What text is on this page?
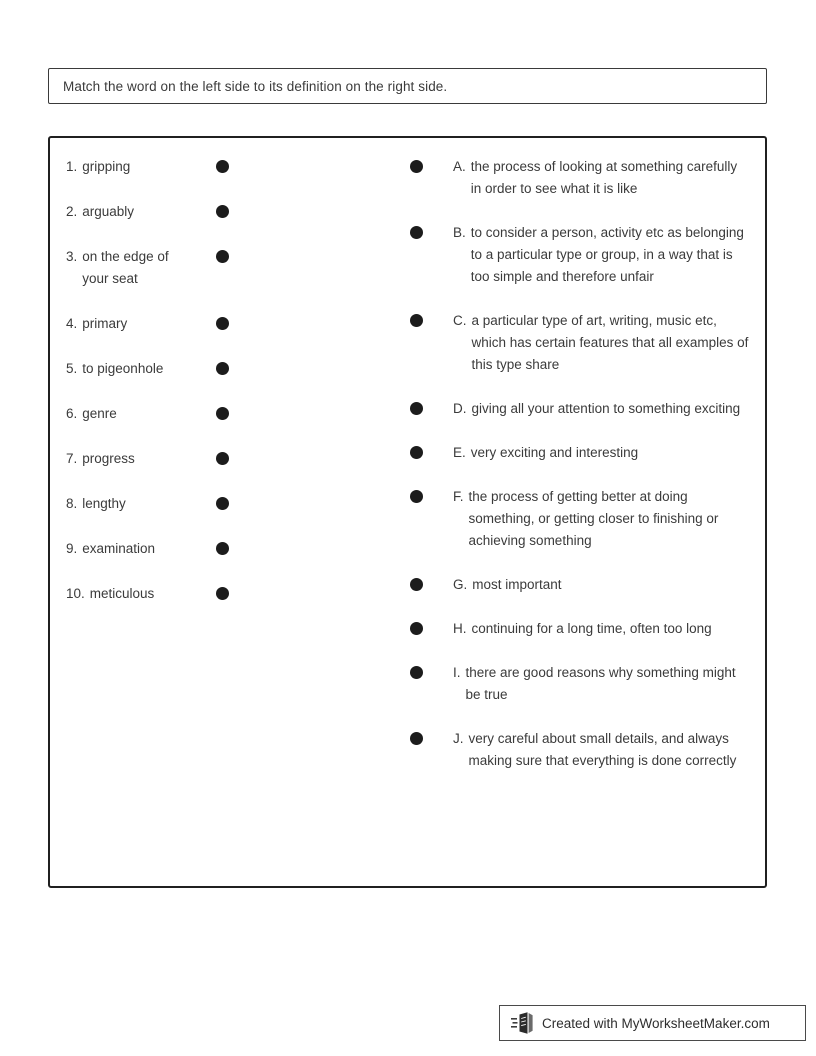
Match the word on the left side to its definition on the right side.
1. gripping
2. arguably
3. on the edge of your seat
4. primary
5. to pigeonhole
6. genre
7. progress
8. lengthy
9. examination
10. meticulous
A. the process of looking at something carefully in order to see what it is like
B. to consider a person, activity etc as belonging to a particular type or group, in a way that is too simple and therefore unfair
C. a particular type of art, writing, music etc, which has certain features that all examples of this type share
D. giving all your attention to something exciting
E. very exciting and interesting
F. the process of getting better at doing something, or getting closer to finishing or achieving something
G. most important
H. continuing for a long time, often too long
I. there are good reasons why something might be true
J. very careful about small details, and always making sure that everything is done correctly
Created with MyWorksheetMaker.com
